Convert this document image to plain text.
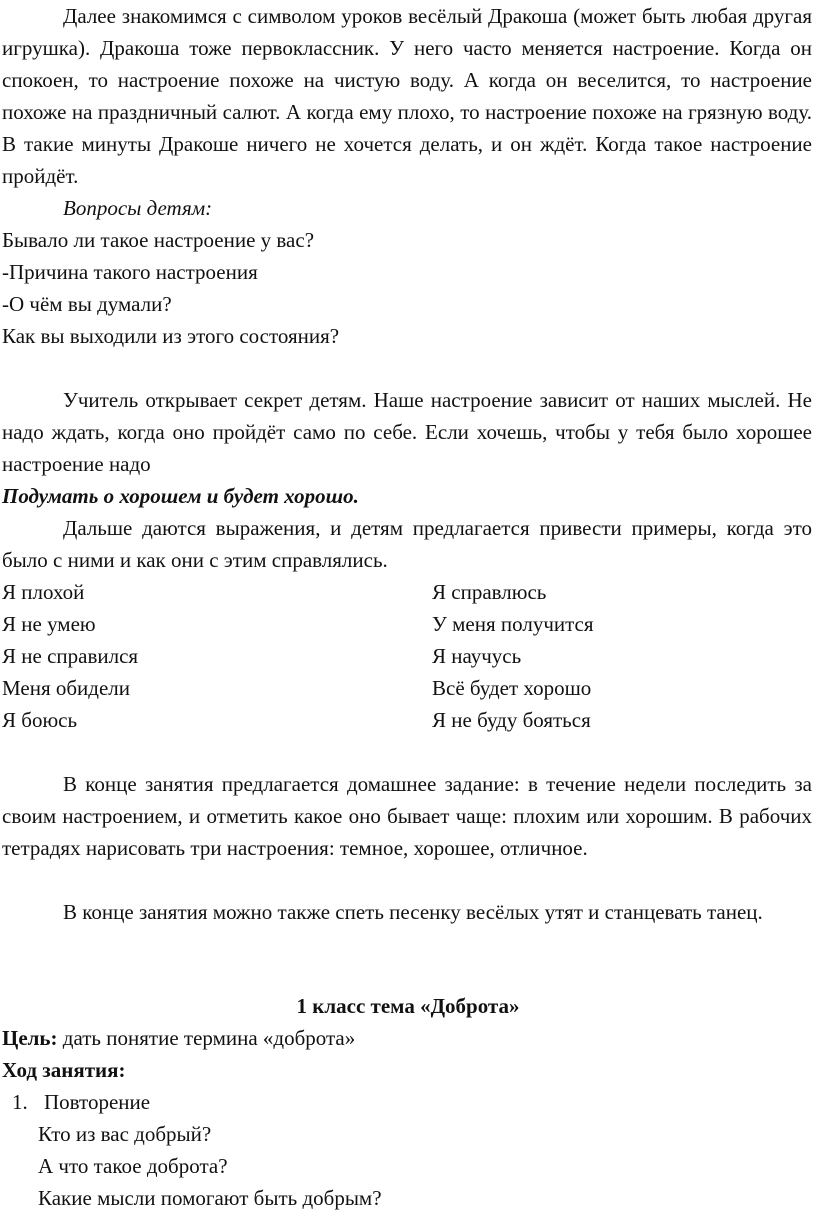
Далее знакомимся с символом уроков весёлый Дракоша (может быть любая другая игрушка). Дракоша тоже первоклассник. У него часто меняется настроение. Когда он спокоен, то настроение похоже на чистую воду. А когда он веселится, то настроение похоже на праздничный салют. А когда ему плохо, то настроение похоже на грязную воду. В такие минуты Дракоше ничего не хочется делать, и он ждёт. Когда такое настроение пройдёт.

Вопросы детям:

Бывало ли такое настроение у вас?

-Причина такого настроения

-О чём вы думали?

Как вы выходили из этого состояния?

Учитель открывает секрет детям. Наше настроение зависит от наших мыслей. Не надо ждать, когда оно пройдёт само по себе. Если хочешь, чтобы у тебя было хорошее настроение надо

Подумать о хорошем и будет хорошо.

Дальше даются выражения, и детям предлагается привести примеры, когда это было с ними и как они с этим справлялись.

Я плохой	Я справлюсь

Я не умею	У меня получится

Я не справился	Я научусь

Меня обидели	Всё будет хорошо

Я боюсь	Я не буду бояться

В конце занятия предлагается домашнее задание: в течение недели последить за своим настроением, и отметить какое оно бывает чаще: плохим или хорошим. В рабочих тетрадях нарисовать три настроения: темное, хорошее, отличное.

В конце занятия можно также спеть песенку весёлых утят и станцевать танец.

1 класс тема «Доброта»

Цель: дать понятие термина «доброта»

Ход занятия:

1. Повторение

Кто из вас добрый?

А что такое доброта?

Какие мысли помогают быть добрым?
